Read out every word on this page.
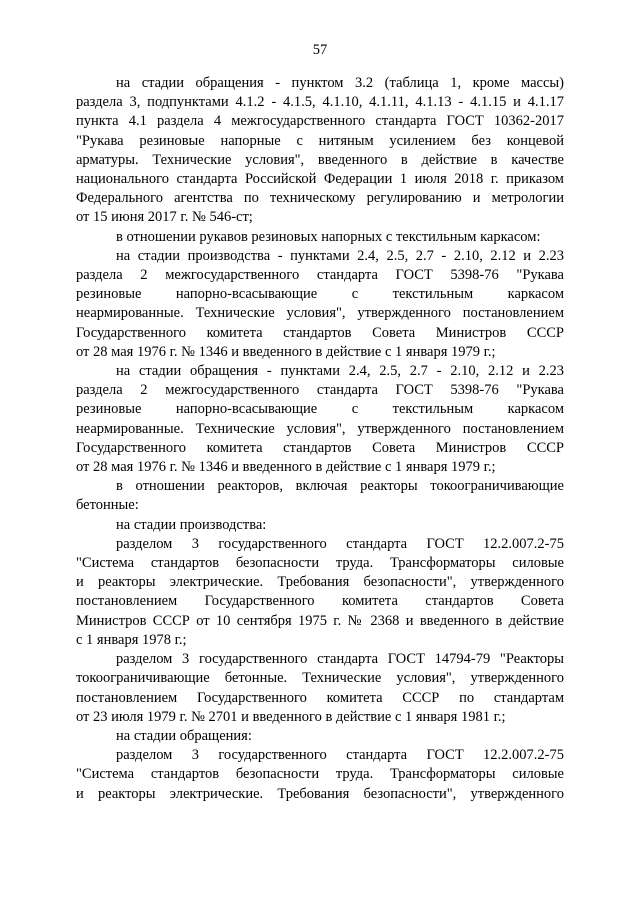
57

на стадии обращения - пунктом 3.2 (таблица 1, кроме массы)

раздела 3, подпунктами 4.1.2 - 4.1.5, 4.1.10, 4.1.11, 4.1.13 - 4.1.15 и 4.1.17

пункта 4.1 раздела 4 межгосударственного стандарта ГОСТ 10362-2017

"Рукава резиновые напорные с нитяным усилением без концевой

арматуры. Технические условия", введенного в действие в качестве

национального стандарта Российской Федерации 1 июля 2018 г. приказом

Федерального агентства по техническому регулированию и метрологии

от 15 июня 2017 г. № 546-ст;

в отношении рукавов резиновых напорных с текстильным каркасом:

на стадии производства - пунктами 2.4, 2.5, 2.7 - 2.10, 2.12 и 2.23

раздела 2 межгосударственного стандарта ГОСТ 5398-76 "Рукава

резиновые напорно-всасывающие с текстильным каркасом

неармированные. Технические условия", утвержденного постановлением

Государственного комитета стандартов Совета Министров СССР

от 28 мая 1976 г. № 1346 и введенного в действие с 1 января 1979 г.;

на стадии обращения - пунктами 2.4, 2.5, 2.7 - 2.10, 2.12 и 2.23

раздела 2 межгосударственного стандарта ГОСТ 5398-76 "Рукава

резиновые напорно-всасывающие с текстильным каркасом

неармированные. Технические условия", утвержденного постановлением

Государственного комитета стандартов Совета Министров СССР

от 28 мая 1976 г. № 1346 и введенного в действие с 1 января 1979 г.;

в отношении реакторов, включая реакторы токоограничивающие

бетонные:

на стадии производства:

разделом 3 государственного стандарта ГОСТ 12.2.007.2-75

"Система стандартов безопасности труда. Трансформаторы силовые

и реакторы электрические. Требования безопасности", утвержденного

постановлением Государственного комитета стандартов Совета

Министров СССР от 10 сентября 1975 г. № 2368 и введенного в действие

с 1 января 1978 г.;

разделом 3 государственного стандарта ГОСТ 14794-79 "Реакторы

токоограничивающие бетонные. Технические условия", утвержденного

постановлением Государственного комитета СССР по стандартам

от 23 июля 1979 г. № 2701 и введенного в действие с 1 января 1981 г.;

на стадии обращения:

разделом 3 государственного стандарта ГОСТ 12.2.007.2-75

"Система стандартов безопасности труда. Трансформаторы силовые

и реакторы электрические. Требования безопасности", утвержденного
